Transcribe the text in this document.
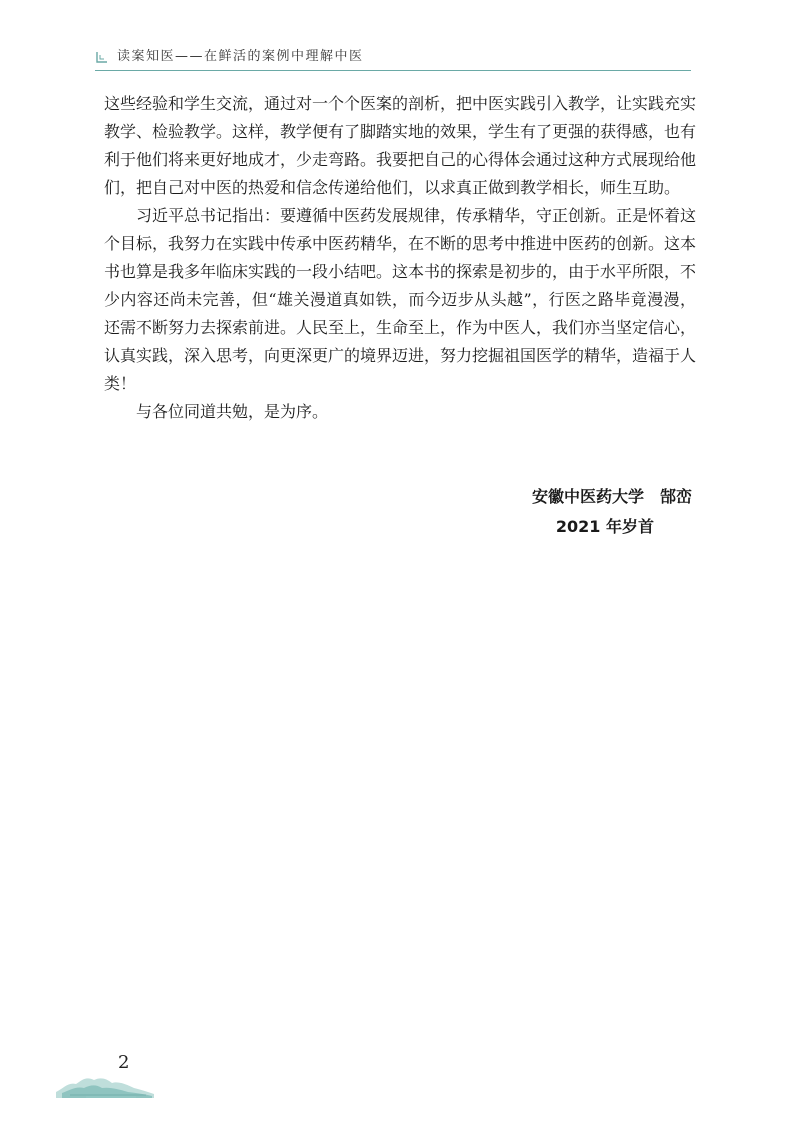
读案知医——在鲜活的案例中理解中医

这些经验和学生交流，通过对一个个医案的剖析，把中医实践引入教学，让实践充实教学、检验教学。这样，教学便有了脚踏实地的效果，学生有了更强的获得感，也有利于他们将来更好地成才，少走弯路。我要把自己的心得体会通过这种方式展现给他们，把自己对中医的热爱和信念传递给他们，以求真正做到教学相长，师生互助。

习近平总书记指出：要遵循中医药发展规律，传承精华，守正创新。正是怀着这个目标，我努力在实践中传承中医药精华，在不断的思考中推进中医药的创新。这本书也算是我多年临床实践的一段小结吧。这本书的探索是初步的，由于水平所限，不少内容还尚未完善，但“雄关漫道真如铁，而今迈步从头越”，行医之路毕竟漫漫，还需不断努力去探索前进。人民至上，生命至上，作为中医人，我们亦当坚定信心，认真实践，深入思考，向更深更广的境界迈进，努力挖掘祖国医学的精华，造福于人类！

与各位同道共勉，是为序。

安徽中医药大学　郜峦
2021 年岁首
2
